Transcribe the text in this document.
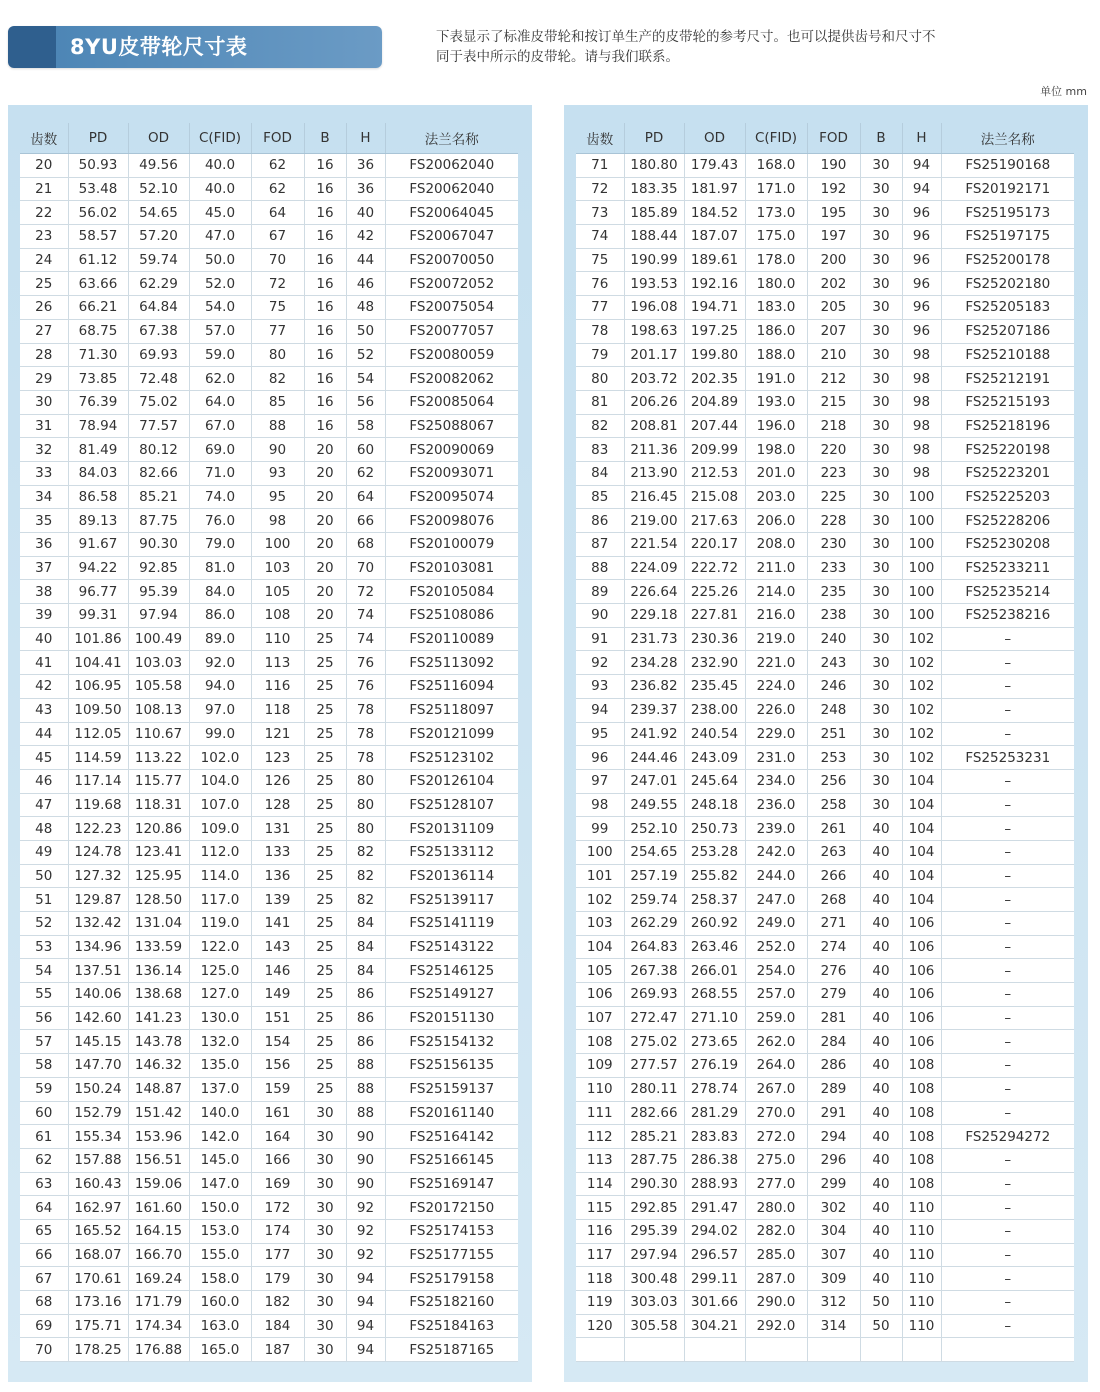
8YU皮带轮尺寸表	下表显示了标准皮带轮和按订单生产的皮带轮的参考尺寸。也可以提供齿号和尺寸不
同于表中所示的皮带轮。请与我们联系。
单位 mm
齿数	PD	OD	C(FID)	FOD	B	H	法兰名称
20	50.93	49.56	40.0	62	16	36	FS20062040
21	53.48	52.10	40.0	62	16	36	FS20062040
22	56.02	54.65	45.0	64	16	40	FS20064045
23	58.57	57.20	47.0	67	16	42	FS20067047
24	61.12	59.74	50.0	70	16	44	FS20070050
25	63.66	62.29	52.0	72	16	46	FS20072052
26	66.21	64.84	54.0	75	16	48	FS20075054
27	68.75	67.38	57.0	77	16	50	FS20077057
28	71.30	69.93	59.0	80	16	52	FS20080059
29	73.85	72.48	62.0	82	16	54	FS20082062
30	76.39	75.02	64.0	85	16	56	FS20085064
31	78.94	77.57	67.0	88	16	58	FS25088067
32	81.49	80.12	69.0	90	20	60	FS20090069
33	84.03	82.66	71.0	93	20	62	FS20093071
34	86.58	85.21	74.0	95	20	64	FS20095074
35	89.13	87.75	76.0	98	20	66	FS20098076
36	91.67	90.30	79.0	100	20	68	FS20100079
37	94.22	92.85	81.0	103	20	70	FS20103081
38	96.77	95.39	84.0	105	20	72	FS20105084
39	99.31	97.94	86.0	108	20	74	FS25108086
40	101.86	100.49	89.0	110	25	74	FS20110089
41	104.41	103.03	92.0	113	25	76	FS25113092
42	106.95	105.58	94.0	116	25	76	FS25116094
43	109.50	108.13	97.0	118	25	78	FS25118097
44	112.05	110.67	99.0	121	25	78	FS20121099
45	114.59	113.22	102.0	123	25	78	FS25123102
46	117.14	115.77	104.0	126	25	80	FS20126104
47	119.68	118.31	107.0	128	25	80	FS25128107
48	122.23	120.86	109.0	131	25	80	FS20131109
49	124.78	123.41	112.0	133	25	82	FS25133112
50	127.32	125.95	114.0	136	25	82	FS20136114
51	129.87	128.50	117.0	139	25	82	FS25139117
52	132.42	131.04	119.0	141	25	84	FS25141119
53	134.96	133.59	122.0	143	25	84	FS25143122
54	137.51	136.14	125.0	146	25	84	FS25146125
55	140.06	138.68	127.0	149	25	86	FS25149127
56	142.60	141.23	130.0	151	25	86	FS20151130
57	145.15	143.78	132.0	154	25	86	FS25154132
58	147.70	146.32	135.0	156	25	88	FS25156135
59	150.24	148.87	137.0	159	25	88	FS25159137
60	152.79	151.42	140.0	161	30	88	FS20161140
61	155.34	153.96	142.0	164	30	90	FS25164142
62	157.88	156.51	145.0	166	30	90	FS25166145
63	160.43	159.06	147.0	169	30	90	FS25169147
64	162.97	161.60	150.0	172	30	92	FS20172150
65	165.52	164.15	153.0	174	30	92	FS25174153
66	168.07	166.70	155.0	177	30	92	FS25177155
67	170.61	169.24	158.0	179	30	94	FS25179158
68	173.16	171.79	160.0	182	30	94	FS25182160
69	175.71	174.34	163.0	184	30	94	FS25184163
70	178.25	176.88	165.0	187	30	94	FS25187165
齿数	PD	OD	C(FID)	FOD	B	H	法兰名称
71	180.80	179.43	168.0	190	30	94	FS25190168
72	183.35	181.97	171.0	192	30	94	FS20192171
73	185.89	184.52	173.0	195	30	96	FS25195173
74	188.44	187.07	175.0	197	30	96	FS25197175
75	190.99	189.61	178.0	200	30	96	FS25200178
76	193.53	192.16	180.0	202	30	96	FS25202180
77	196.08	194.71	183.0	205	30	96	FS25205183
78	198.63	197.25	186.0	207	30	96	FS25207186
79	201.17	199.80	188.0	210	30	98	FS25210188
80	203.72	202.35	191.0	212	30	98	FS25212191
81	206.26	204.89	193.0	215	30	98	FS25215193
82	208.81	207.44	196.0	218	30	98	FS25218196
83	211.36	209.99	198.0	220	30	98	FS25220198
84	213.90	212.53	201.0	223	30	98	FS25223201
85	216.45	215.08	203.0	225	30	100	FS25225203
86	219.00	217.63	206.0	228	30	100	FS25228206
87	221.54	220.17	208.0	230	30	100	FS25230208
88	224.09	222.72	211.0	233	30	100	FS25233211
89	226.64	225.26	214.0	235	30	100	FS25235214
90	229.18	227.81	216.0	238	30	100	FS25238216
91	231.73	230.36	219.0	240	30	102	–
92	234.28	232.90	221.0	243	30	102	–
93	236.82	235.45	224.0	246	30	102	–
94	239.37	238.00	226.0	248	30	102	–
95	241.92	240.54	229.0	251	30	102	–
96	244.46	243.09	231.0	253	30	102	FS25253231
97	247.01	245.64	234.0	256	30	104	–
98	249.55	248.18	236.0	258	30	104	–
99	252.10	250.73	239.0	261	40	104	–
100	254.65	253.28	242.0	263	40	104	–
101	257.19	255.82	244.0	266	40	104	–
102	259.74	258.37	247.0	268	40	104	–
103	262.29	260.92	249.0	271	40	106	–
104	264.83	263.46	252.0	274	40	106	–
105	267.38	266.01	254.0	276	40	106	–
106	269.93	268.55	257.0	279	40	106	–
107	272.47	271.10	259.0	281	40	106	–
108	275.02	273.65	262.0	284	40	106	–
109	277.57	276.19	264.0	286	40	108	–
110	280.11	278.74	267.0	289	40	108	–
111	282.66	281.29	270.0	291	40	108	–
112	285.21	283.83	272.0	294	40	108	FS25294272
113	287.75	286.38	275.0	296	40	108	–
114	290.30	288.93	277.0	299	40	108	–
115	292.85	291.47	280.0	302	40	110	–
116	295.39	294.02	282.0	304	40	110	–
117	297.94	296.57	285.0	307	40	110	–
118	300.48	299.11	287.0	309	40	110	–
119	303.03	301.66	290.0	312	50	110	–
120	305.58	304.21	292.0	314	50	110	–
